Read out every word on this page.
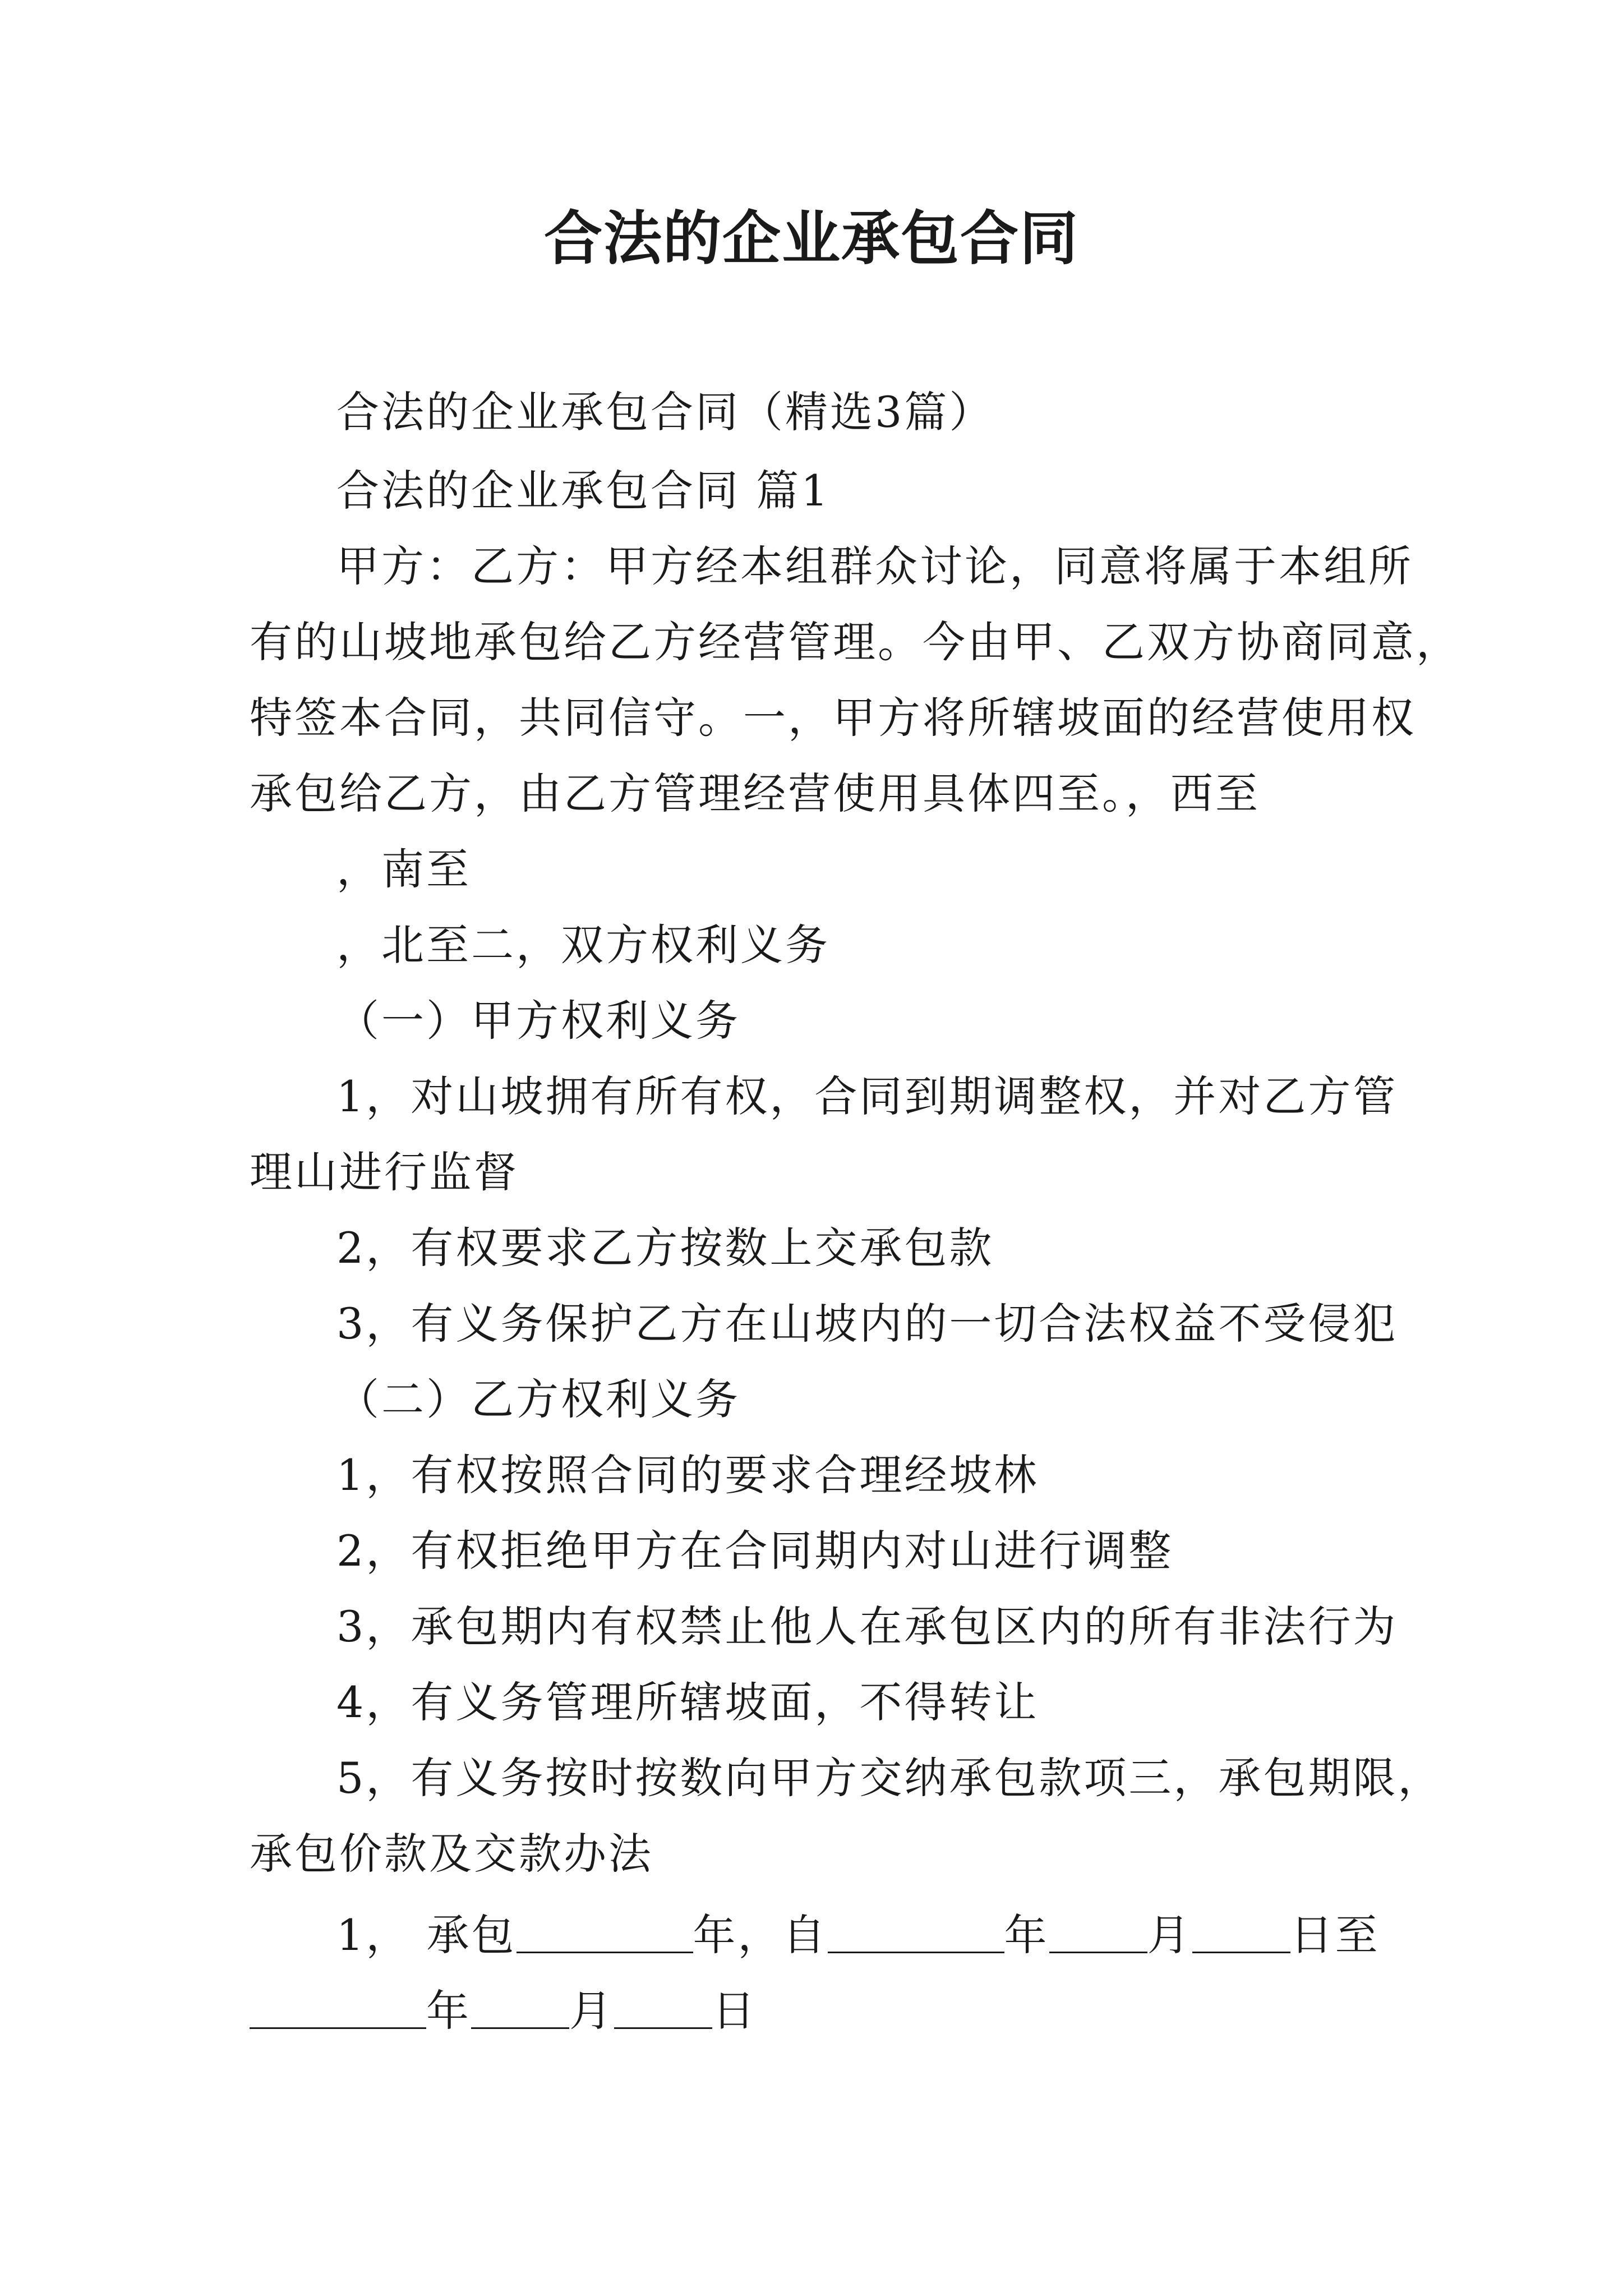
合法的企业承包合同
合法的企业承包合同（精选3篇）
合法的企业承包合同 篇1
甲方：乙方：甲方经本组群众讨论，同意将属于本组所
有的山坡地承包给乙方经营管理。今由甲、乙双方协商同意，
特签本合同，共同信守。一，甲方将所辖坡面的经营使用权
承包给乙方，由乙方管理经营使用具体四至。，西至
，南至
，北至二，双方权利义务
（一）甲方权利义务
1，对山坡拥有所有权，合同到期调整权，并对乙方管
理山进行监督
2，有权要求乙方按数上交承包款
3，有义务保护乙方在山坡内的一切合法权益不受侵犯
（二）乙方权利义务
1，有权按照合同的要求合理经坡林
2，有权拒绝甲方在合同期内对山进行调整
3，承包期内有权禁止他人在承包区内的所有非法行为
4，有义务管理所辖坡面，不得转让
5，有义务按时按数向甲方交纳承包款项三，承包期限，
承包价款及交款办法
1， 承包	年，自	年 月 日至
年 月 日
